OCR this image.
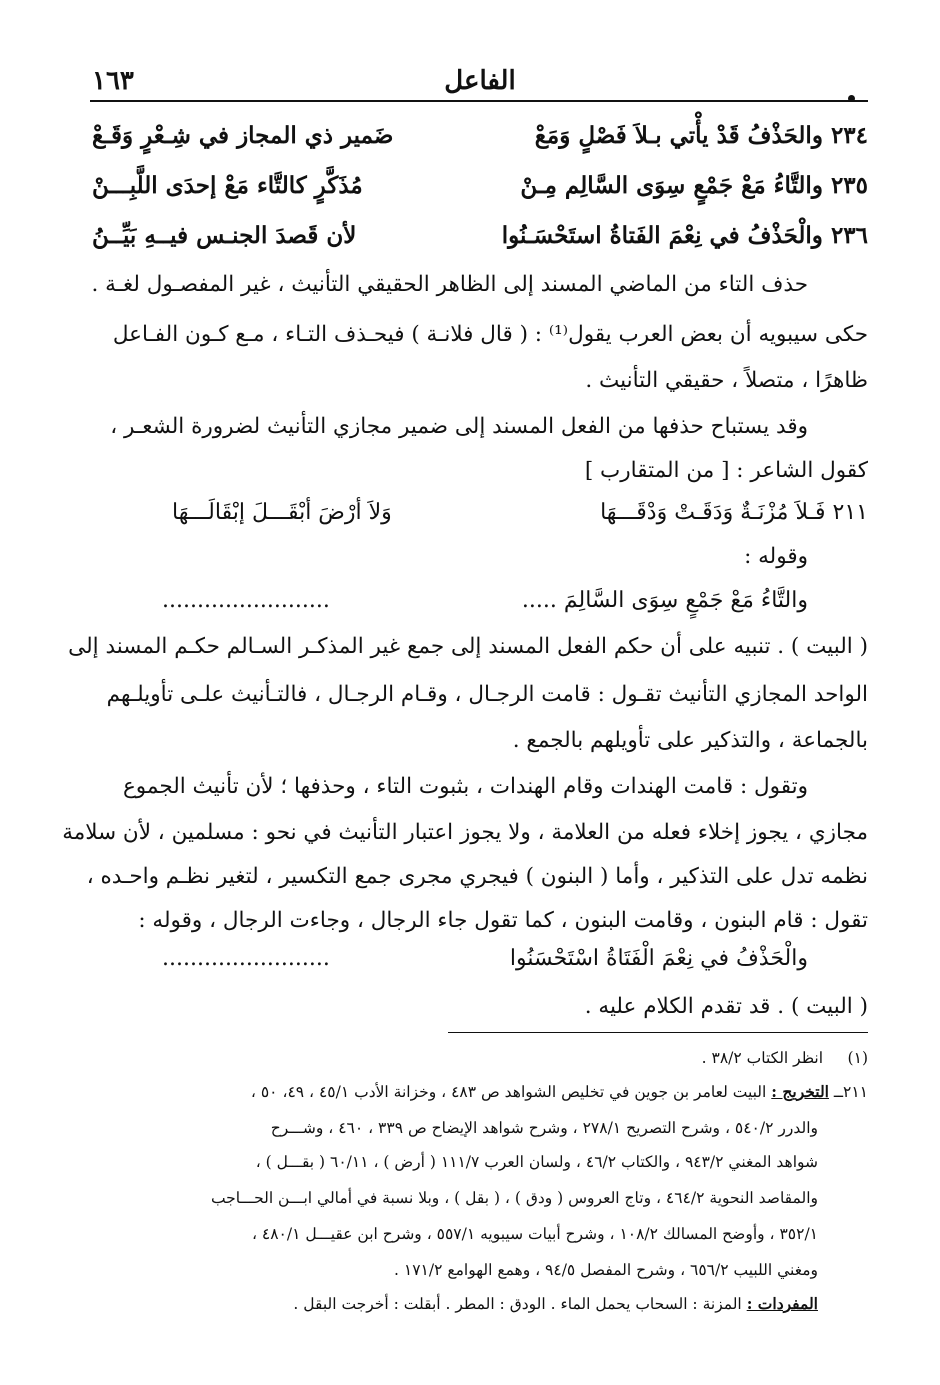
الفاعل
١٦٣
٢٣٤ والحَذْفُ قَدْ يأْتي بـلاَ فَصْلٍ وَمَعْ
ضَمير ذي المجاز في شِـعْرٍ وَقَـعْ
٢٣٥ والتَّاءُ مَعْ جَمْعٍ سِوَى السَّالِم مِـنْ
مُذَكَّرٍ كالتَّاء مَعْ إحدَى اللَّبِـــنْ
٢٣٦ والْحَذْفُ في نِعْمَ الفَتاةُ استَحْسَـنُوا
لأن قَصدَ الجنـس فيــهِ بَيِّــنُ
حذف التاء من الماضي المسند إلى الظاهر الحقيقي التأنيث ، غير المفصـول لغـة .
حكى سيبويه أن بعض العرب يقول⁽¹⁾ : ( قال فلانـة ) فيحـذف التـاء ، مـع كـون الفـاعل
ظاهرًا ، متصلاً ، حقيقي التأنيث .
وقد يستباح حذفها من الفعل المسند إلى ضمير مجازي التأنيث لضرورة الشعـر ،
كقول الشاعر : [ من المتقارب ]
٢١١ فَـلاَ مُزْنَـةٌ وَدَقَـتْ وَدْقَـــهَا
وَلاَ أرْضَ أبْقَـــلَ إبْقَالَـــهَا
وقوله :
والتَّاءُ مَعْ جَمْعٍ سِوَى السَّالِمَ .....
........................
( البيت ) . تنبيه على أن حكم الفعل المسند إلى جمع غير المذكـر السـالم حكـم المسند إلى
الواحد المجازي التأنيث تقـول : قامت الرجـال ، وقـام الرجـال ، فالتـأنيث علـى تأويلـهم
بالجماعة ، والتذكير على تأويلهم بالجمع .
وتقول : قامت الهندات وقام الهندات ، بثبوت التاء ، وحذفها ؛ لأن تأنيث الجموع
مجازي ، يجوز إخلاء فعله من العلامة ، ولا يجوز اعتبار التأنيث في نحو : مسلمين ، لأن سلامة
نظمه تدل على التذكير ، وأما ( البنون ) فيجري مجرى جمع التكسير ، لتغير نظـم واحـده ،
تقول : قام البنون ، وقامت البنون ، كما تقول جاء الرجال ، وجاءت الرجال ، وقوله :
والْحَذْفُ في نِعْمَ الْفَتَاةُ اسْتَحْسَنُوا
........................
( البيت ) . قد تقدم الكلام عليه .
(١) انظر الكتاب ٣٨/٢ .
٢١١ــ التخريج : البيت لعامر بن جوين في تخليص الشواهد ص ٤٨٣ ، وخزانة الأدب ٤٥/١ ، ٤٩، ٥٠ ،
والدرر ٥٤٠/٢ ، وشرح التصريح ٢٧٨/١ ، وشرح شواهد الإيضاح ص ٣٣٩ ، ٤٦٠ ، وشـــرح
شواهد المغني ٩٤٣/٢ ، والكتاب ٤٦/٢ ، ولسان العرب ١١١/٧ ( أرض ) ، ٦٠/١١ ( بقـــل ) ،
والمقاصد النحوية ٤٦٤/٢ ، وتاج العروس ( ودق ) ، ( بقل ) ، وبلا نسبة في أمالي ابـــن الحـــاجب
٣٥٢/١ ، وأوضح المسالك ١٠٨/٢ ، وشرح أبيات سيبويه ٥٥٧/١ ، وشرح ابن عقيـــل ٤٨٠/١ ،
ومغني اللبيب ٦٥٦/٢ ، وشرح المفصل ٩٤/٥ ، وهمع الهوامع ١٧١/٢ .
المفردات : المزنة : السحاب يحمل الماء . الودق : المطر . أبقلت : أخرجت البقل .
